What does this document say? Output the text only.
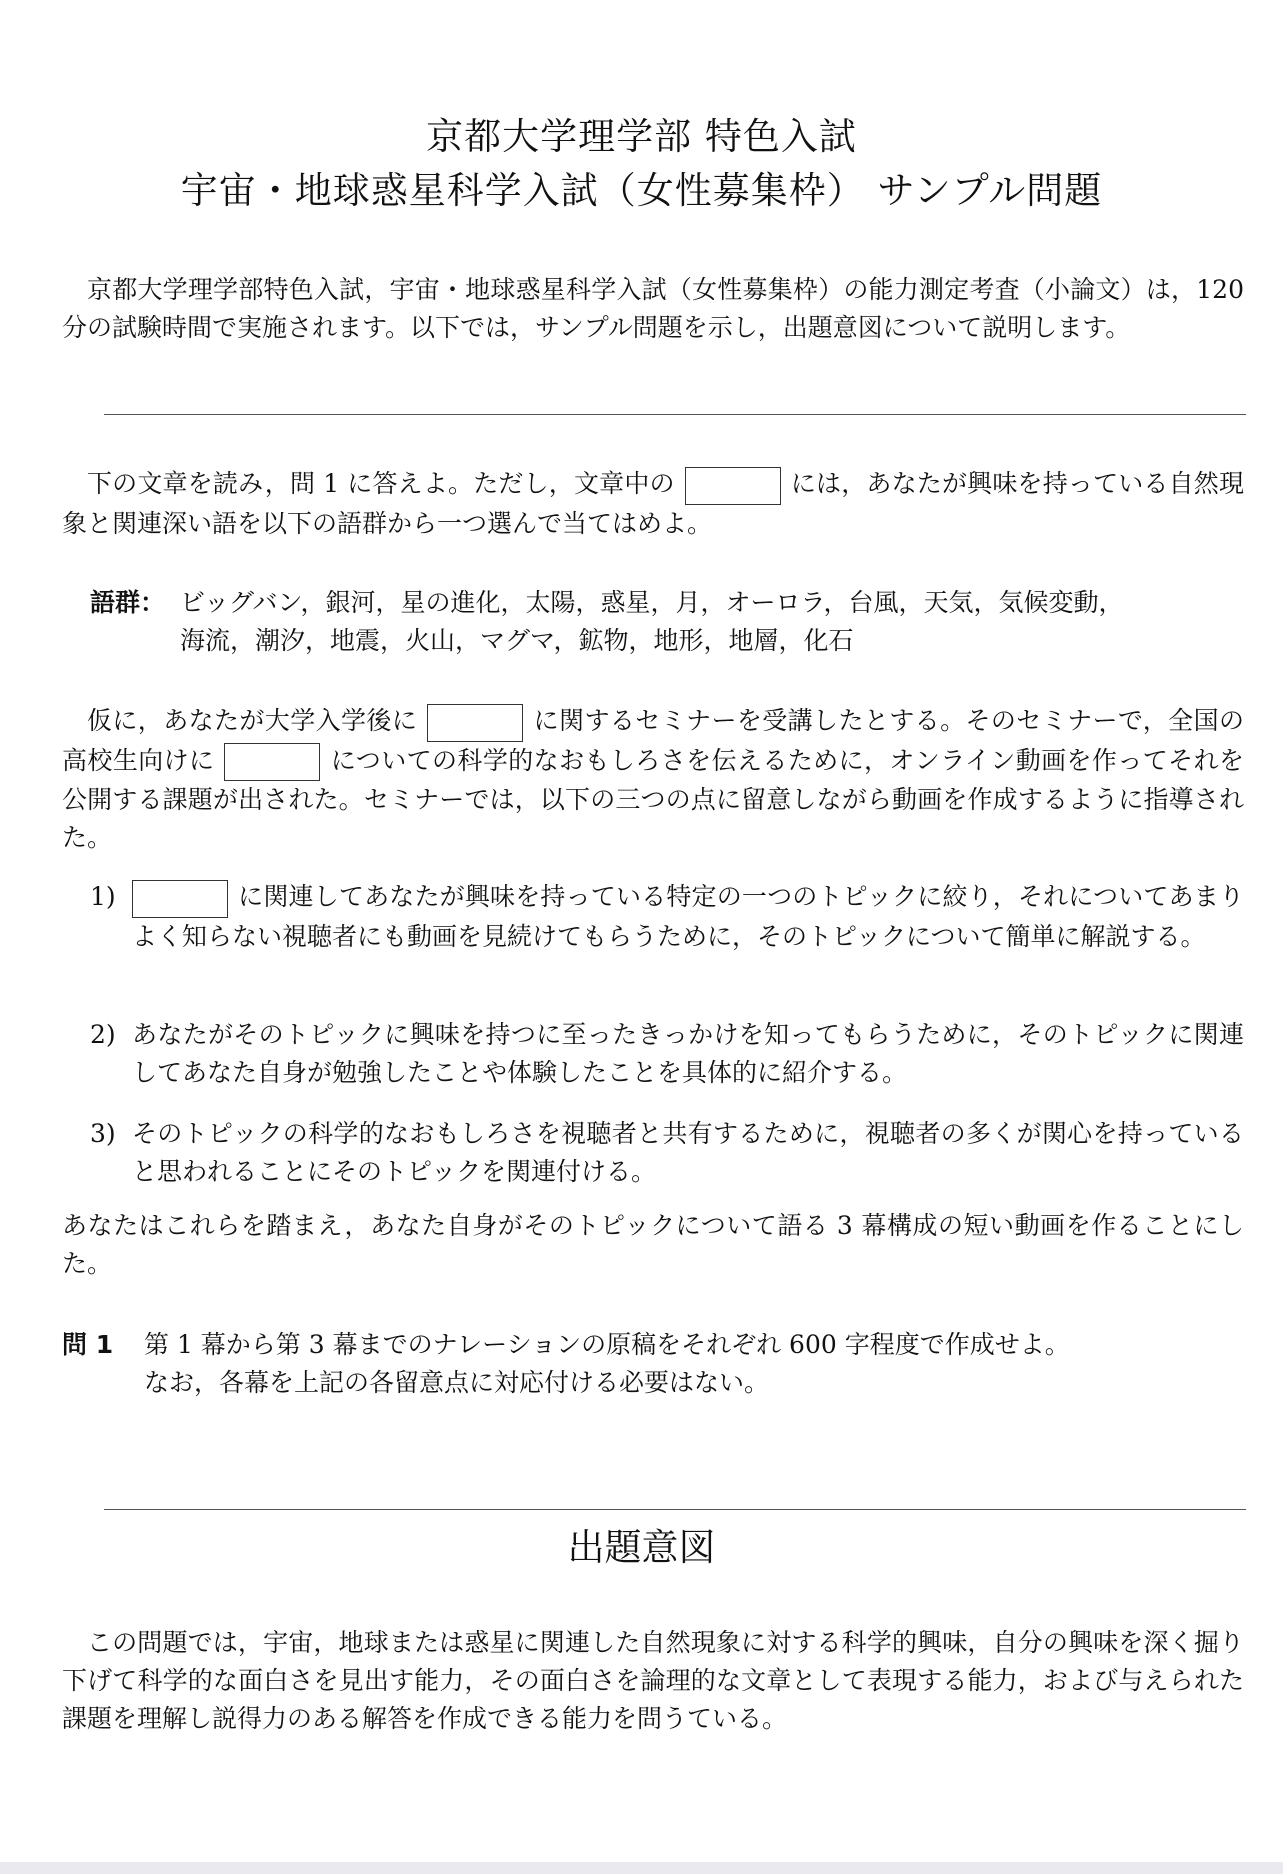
京都大学理学部 特色入試
宇宙・地球惑星科学入試（女性募集枠） サンプル問題
京都大学理学部特色入試，宇宙・地球惑星科学入試（女性募集枠）の能力測定考査（小論文）は，120 分の試験時間で実施されます。以下では，サンプル問題を示し，出題意図について説明します。
下の文章を読み，問 1 に答えよ。ただし，文章中の	には，あなたが興味を持っている自然現象と関連深い語を以下の語群から一つ選んで当てはめよ。
語群： ビッグバン，銀河，星の進化，太陽，惑星，月，オーロラ，台風，天気，気候変動，
海流，潮汐，地震，火山，マグマ，鉱物，地形，地層，化石
仮に，あなたが大学入学後に	に関するセミナーを受講したとする。そのセミナーで，全国の高校生向けに	についての科学的なおもしろさを伝えるために，オンライン動画を作ってそれを公開する課題が出された。セミナーでは，以下の三つの点に留意しながら動画を作成するように指導された。
1)	に関連してあなたが興味を持っている特定の一つのトピックに絞り，それについてあまりよく知らない視聴者にも動画を見続けてもらうために，そのトピックについて簡単に解説する。
2) あなたがそのトピックに興味を持つに至ったきっかけを知ってもらうために，そのトピックに関連してあなた自身が勉強したことや体験したことを具体的に紹介する。
3) そのトピックの科学的なおもしろさを視聴者と共有するために，視聴者の多くが関心を持っていると思われることにそのトピックを関連付ける。
あなたはこれらを踏まえ，あなた自身がそのトピックについて語る 3 幕構成の短い動画を作ることにした。
問 1 第 1 幕から第 3 幕までのナレーションの原稿をそれぞれ 600 字程度で作成せよ。
なお，各幕を上記の各留意点に対応付ける必要はない。
出題意図
この問題では，宇宙，地球または惑星に関連した自然現象に対する科学的興味，自分の興味を深く掘り下げて科学的な面白さを見出す能力，その面白さを論理的な文章として表現する能力，および与えられた課題を理解し説得力のある解答を作成できる能力を問うている。
